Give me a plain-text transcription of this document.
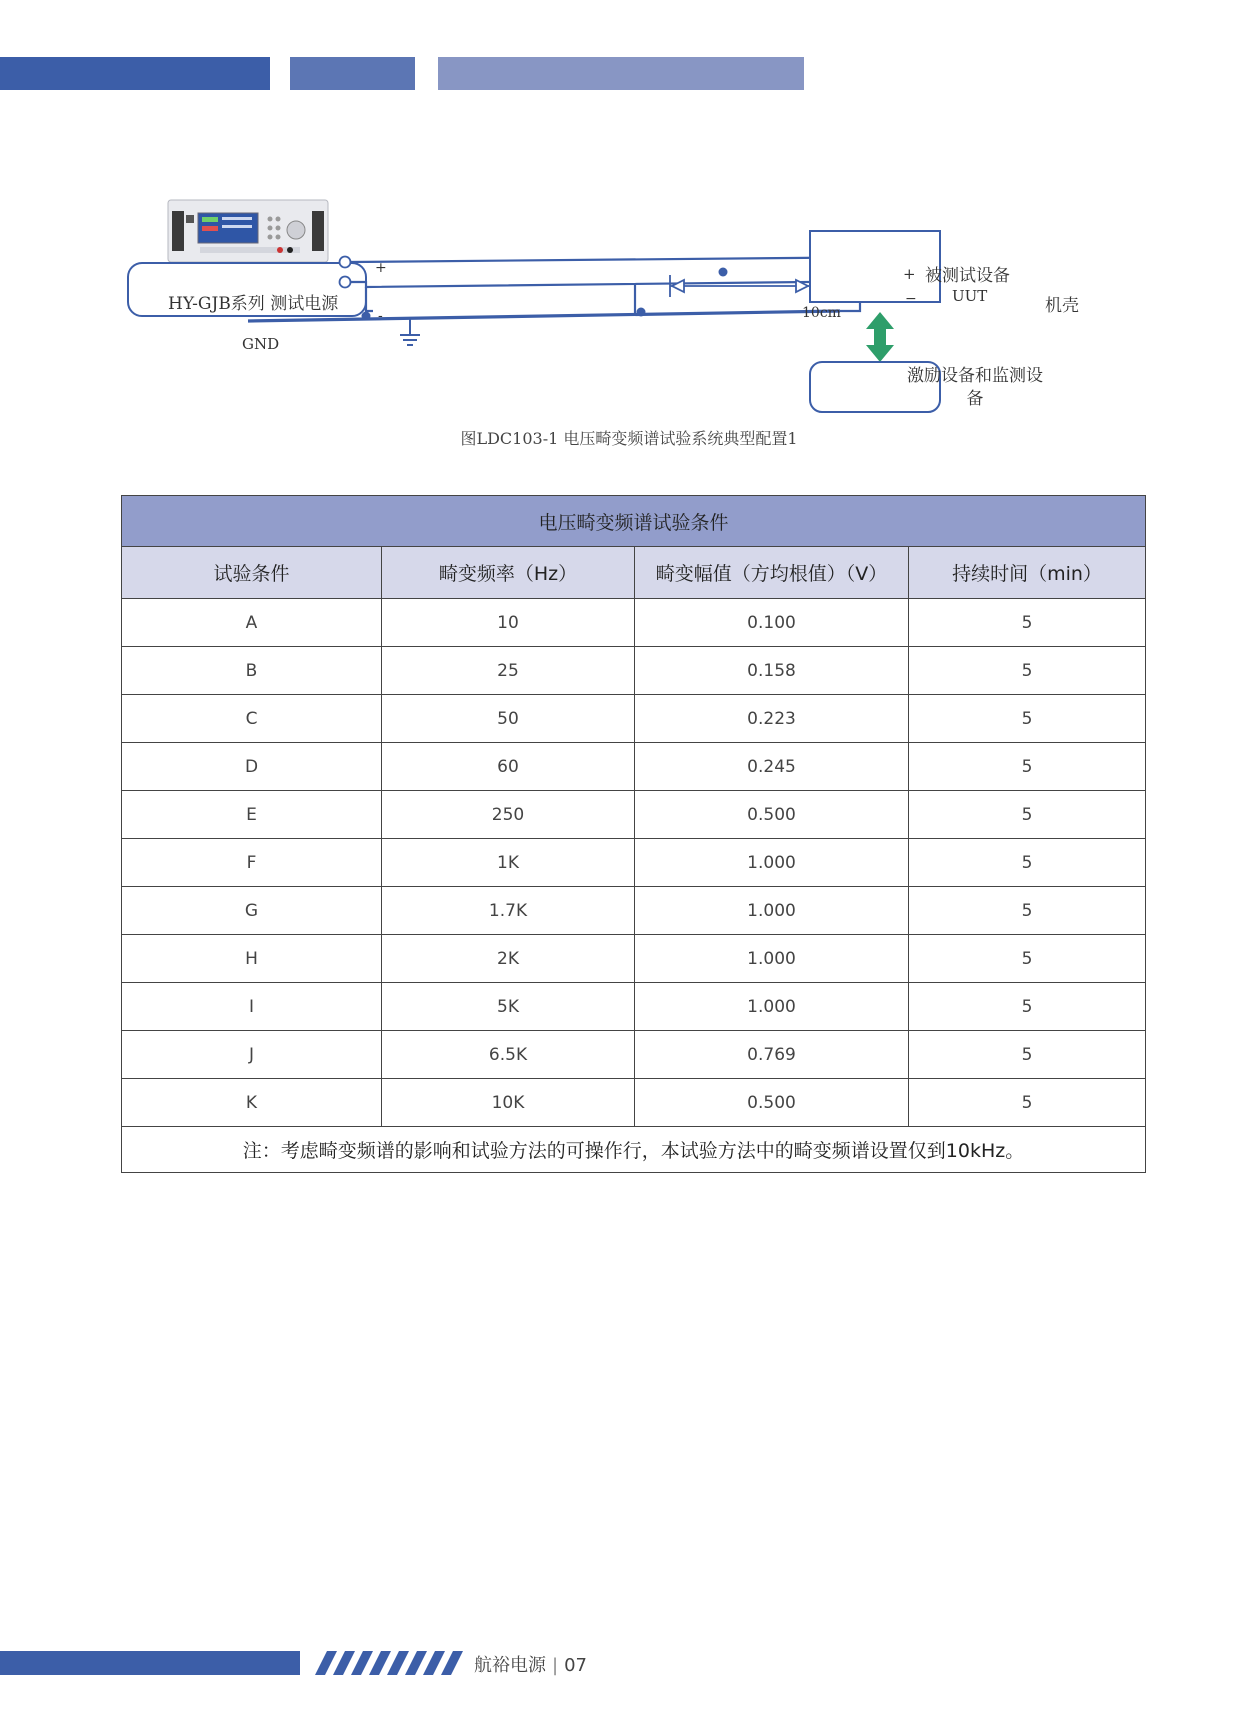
HY-GJB系列 测试电源
GND
+
-
+
−
被测试设备
UUT	机壳
10cm
激励设备和监测设备
图LDC103-1 电压畸变频谱试验系统典型配置1
电压畸变频谱试验条件			
试验条件	畸变频率（Hz）	畸变幅值（方均根值）（V）	持续时间（min）
A	10	0.100	5
B	25	0.158	5
C	50	0.223	5
D	60	0.245	5
E	250	0.500	5
F	1K	1.000	5
G	1.7K	1.000	5
H	2K	1.000	5
I	5K	1.000	5
J	6.5K	0.769	5
K	10K	0.500	5
注：考虑畸变频谱的影响和试验方法的可操作行，本试验方法中的畸变频谱设置仅到10kHz。			
航裕电源 | 07
